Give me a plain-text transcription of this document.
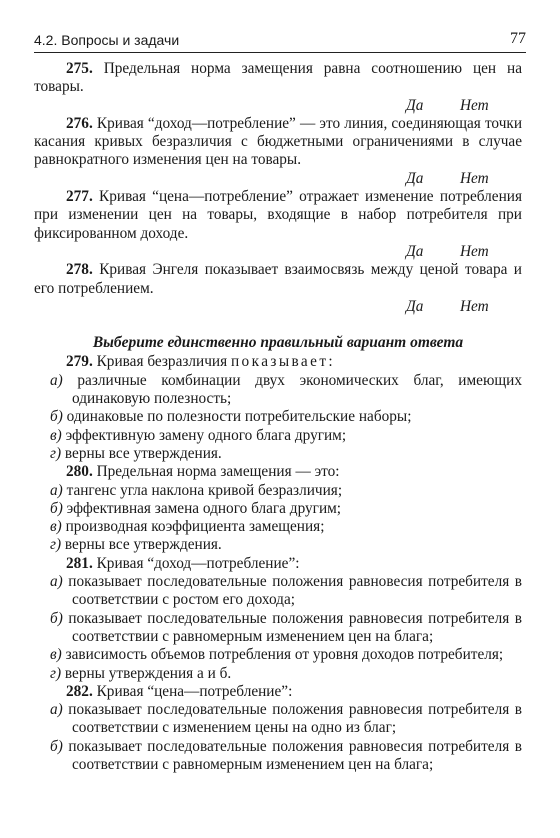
4.2. Вопросы и задачи	77

275. Предельная норма замещения равна соотношению цен на товары.

Да Нет

276. Кривая “доход—потребление” — это линия, соединяющая точки касания кривых безразличия с бюджетными ограничениями в случае равнократного изменения цен на товары.

Да Нет

277. Кривая “цена—потребление” отражает изменение потребления при изменении цен на товары, входящие в набор потребителя при фиксированном доходе.

Да Нет

278. Кривая Энгеля показывает взаимосвязь между ценой товара и его потреблением.

Да Нет

Выберите единственно правильный вариант ответа

279. Кривая безразличия показывает:

а) различные комбинации двух экономических благ, имеющих одинаковую полезность;

б) одинаковые по полезности потребительские наборы;

в) эффективную замену одного блага другим;

г) верны все утверждения.

280. Предельная норма замещения — это:

а) тангенс угла наклона кривой безразличия;

б) эффективная замена одного блага другим;

в) производная коэффициента замещения;

г) верны все утверждения.

281. Кривая “доход—потребление”:

а) показывает последовательные положения равновесия потребителя в соответствии с ростом его дохода;

б) показывает последовательные положения равновесия потребителя в соответствии с равномерным изменением цен на блага;

в) зависимость объемов потребления от уровня доходов потребителя;

г) верны утверждения а и б.

282. Кривая “цена—потребление”:

а) показывает последовательные положения равновесия потребителя в соответствии с изменением цены на одно из благ;

б) показывает последовательные положения равновесия потребителя в соответствии с равномерным изменением цен на блага;
